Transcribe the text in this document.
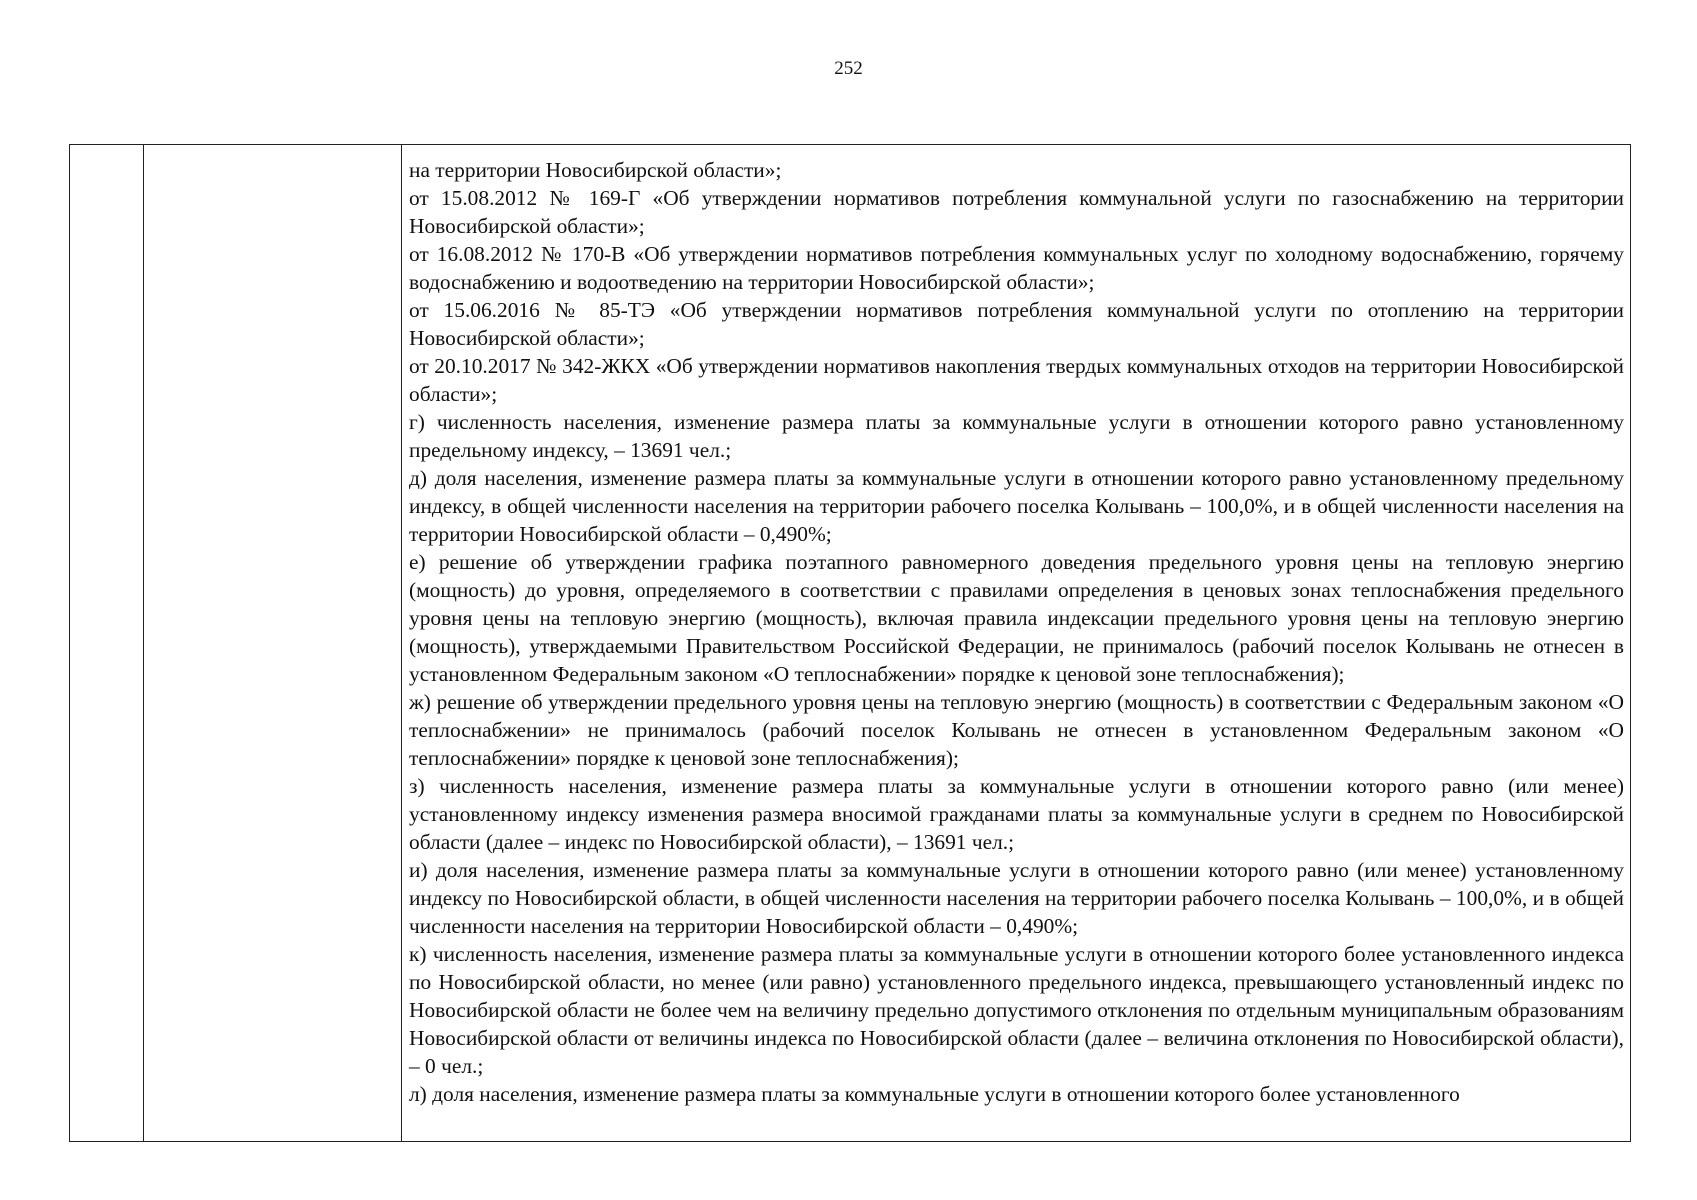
252

на территории Новосибирской области»;

от 15.08.2012 № 169-Г «Об утверждении нормативов потребления коммунальной услуги по газоснабжению на территории Новосибирской области»;

от 16.08.2012 № 170-В «Об утверждении нормативов потребления коммунальных услуг по холодному водоснабжению, горячему водоснабжению и водоотведению на территории Новосибирской области»;

от 15.06.2016 № 85-ТЭ «Об утверждении нормативов потребления коммунальной услуги по отоплению на территории Новосибирской области»;

от 20.10.2017 № 342-ЖКХ «Об утверждении нормативов накопления твердых коммунальных отходов на территории Новосибирской области»;

г) численность населения, изменение размера платы за коммунальные услуги в отношении которого равно установленному предельному индексу, – 13691 чел.;

д) доля населения, изменение размера платы за коммунальные услуги в отношении которого равно установленному предельному индексу, в общей численности населения на территории рабочего поселка Колывань – 100,0%, и в общей численности населения на территории Новосибирской области – 0,490%;

е) решение об утверждении графика поэтапного равномерного доведения предельного уровня цены на тепловую энергию (мощность) до уровня, определяемого в соответствии с правилами определения в ценовых зонах теплоснабжения предельного уровня цены на тепловую энергию (мощность), включая правила индексации предельного уровня цены на тепловую энергию (мощность), утверждаемыми Правительством Российской Федерации, не принималось (рабочий поселок Колывань не отнесен в установленном Федеральным законом «О теплоснабжении» порядке к ценовой зоне теплоснабжения);

ж) решение об утверждении предельного уровня цены на тепловую энергию (мощность) в соответствии с Федеральным законом «О теплоснабжении» не принималось (рабочий поселок Колывань не отнесен в установленном Федеральным законом «О теплоснабжении» порядке к ценовой зоне теплоснабжения);

з) численность населения, изменение размера платы за коммунальные услуги в отношении которого равно (или менее) установленному индексу изменения размера вносимой гражданами платы за коммунальные услуги в среднем по Новосибирской области (далее – индекс по Новосибирской области), – 13691 чел.;

и) доля населения, изменение размера платы за коммунальные услуги в отношении которого равно (или менее) установленному индексу по Новосибирской области, в общей численности населения на территории рабочего поселка Колывань – 100,0%, и в общей численности населения на территории Новосибирской области – 0,490%;

к) численность населения, изменение размера платы за коммунальные услуги в отношении которого более установленного индекса по Новосибирской области, но менее (или равно) установленного предельного индекса, превышающего установленный индекс по Новосибирской области не более чем на величину предельно допустимого отклонения по отдельным муниципальным образованиям Новосибирской области от величины индекса по Новосибирской области (далее – величина отклонения по Новосибирской области), – 0 чел.;

л) доля населения, изменение размера платы за коммунальные услуги в отношении которого более установленного
